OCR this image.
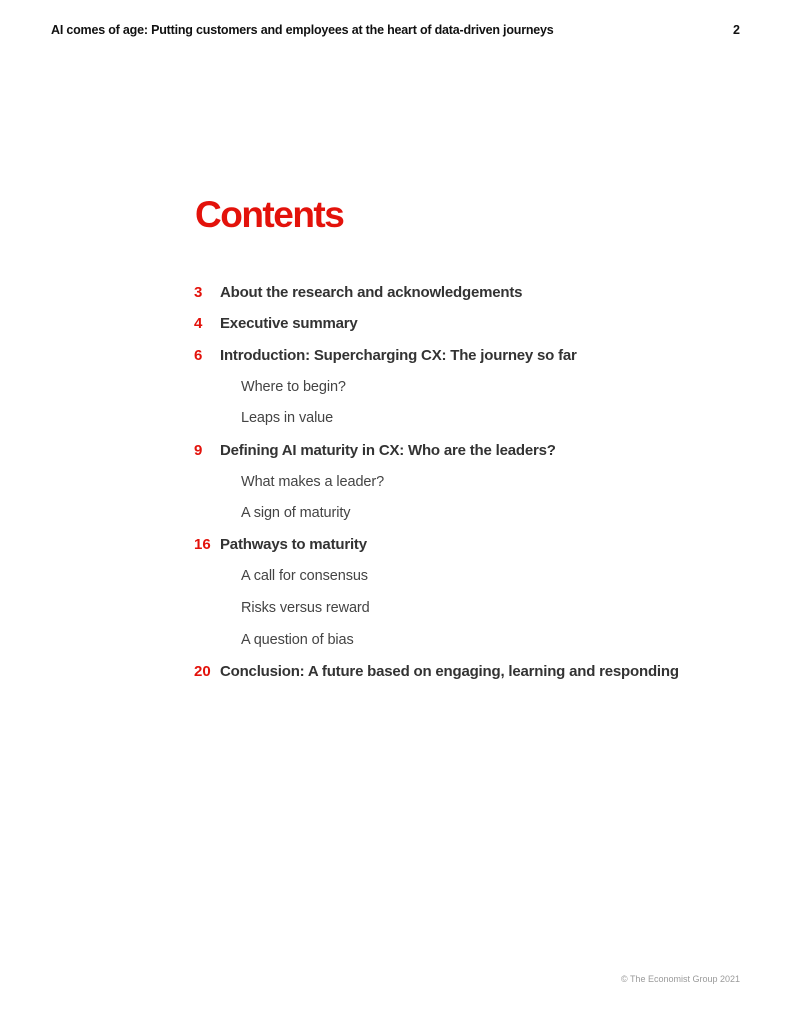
AI comes of age: Putting customers and employees at the heart of data-driven journeys	2
Contents
3	About the research and acknowledgements
4	Executive summary
6	Introduction: Supercharging CX: The journey so far
Where to begin?
Leaps in value
9	Defining AI maturity in CX: Who are the leaders?
What makes a leader?
A sign of maturity
16 Pathways to maturity
A call for consensus
Risks versus reward
A question of bias
20 Conclusion: A future based on engaging, learning and responding
© The Economist Group 2021
